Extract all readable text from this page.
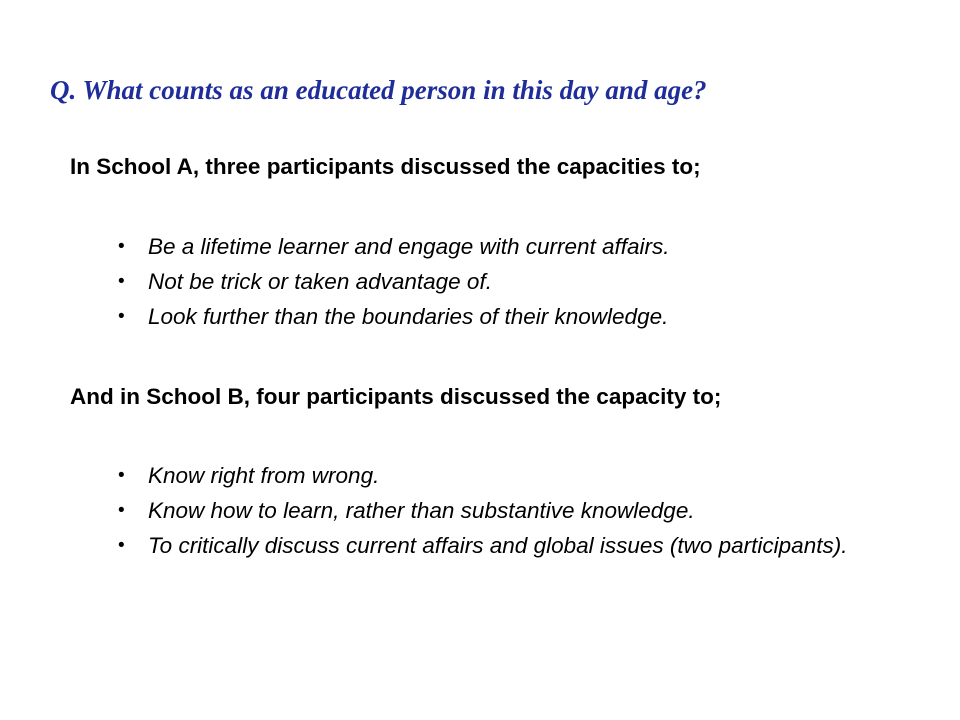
Q. What counts as an educated person in this day and age?
In School A, three participants discussed the capacities to;
• Be a lifetime learner and engage with current affairs.
• Not be trick or taken advantage of.
• Look further than the boundaries of their knowledge.
And in School B, four participants discussed the capacity to;
• Know right from wrong.
• Know how to learn, rather than substantive knowledge.
• To critically discuss current affairs and global issues (two participants).
